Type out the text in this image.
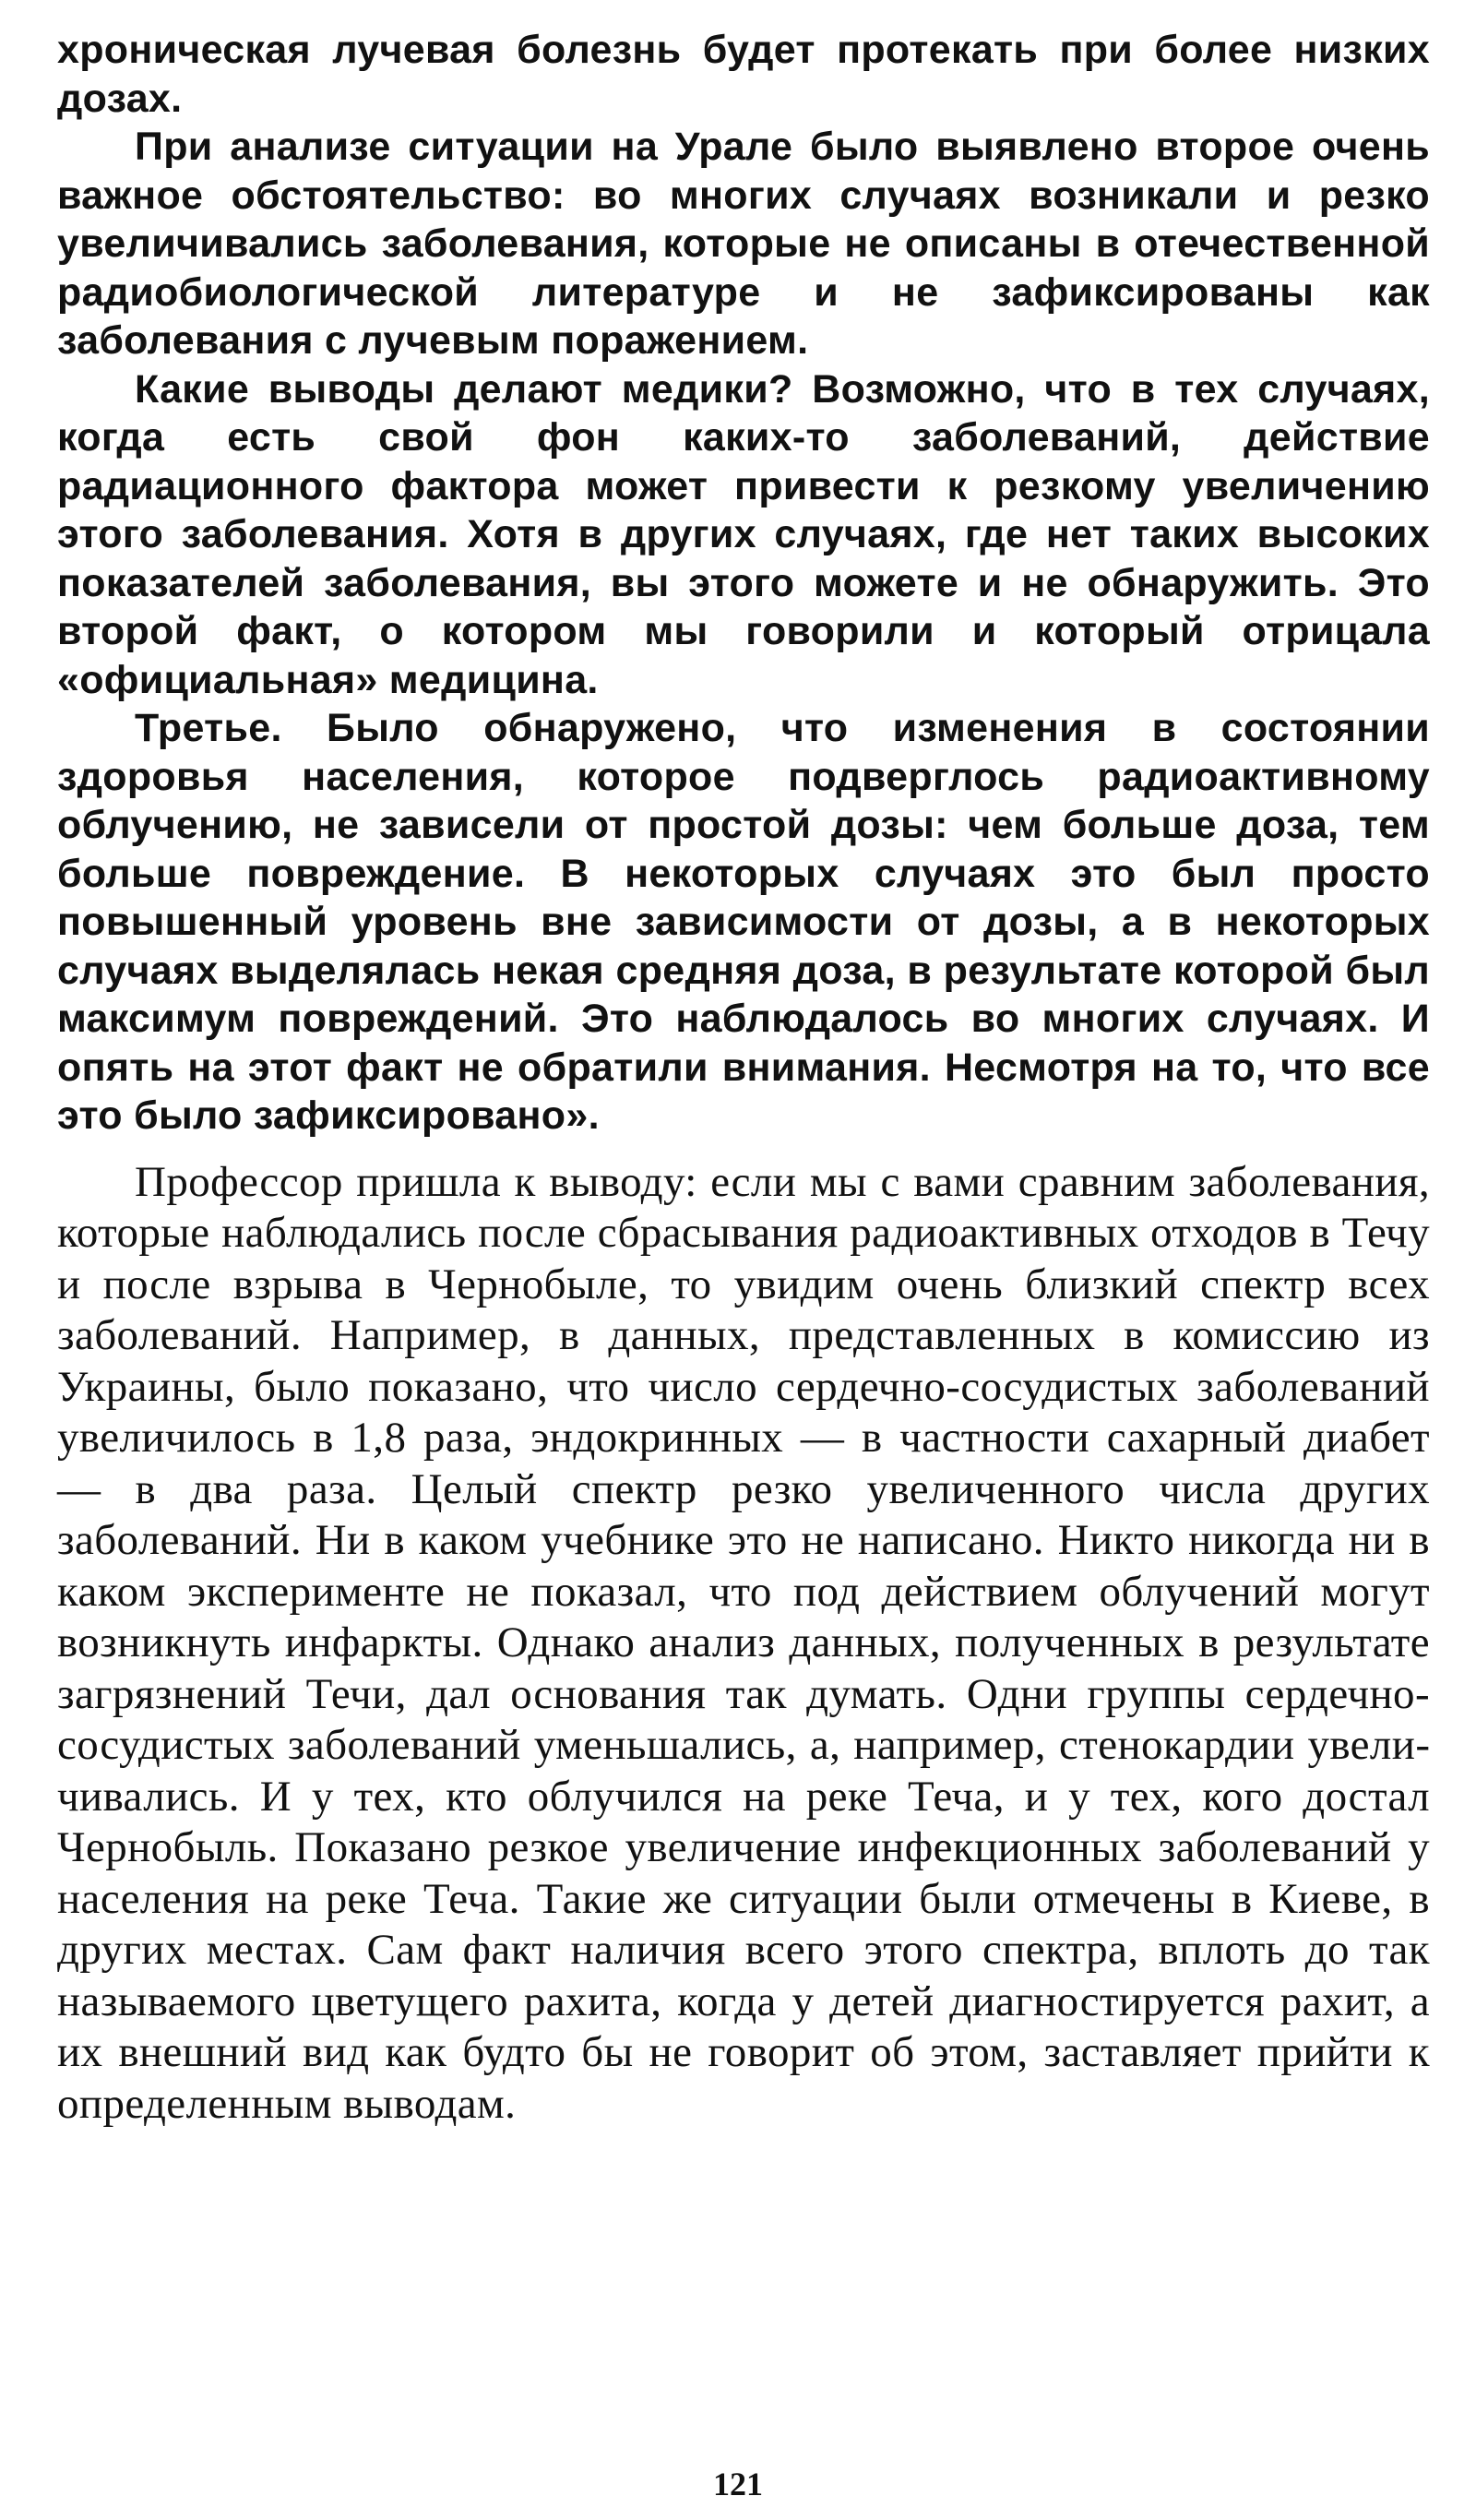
хроническая лучевая болезнь будет протекать при более низких дозах.

При анализе ситуации на Урале было выявлено второе очень важное обстоятельство: во многих случаях возникали и резко увеличивались заболевания, которые не описаны в отечественной радиобиологической литературе и не зафиксированы как заболевания с лучевым поражением.

Какие выводы делают медики? Возможно, что в тех случаях, когда есть свой фон каких-то заболеваний, действие радиационного фактора может привести к резкому увеличению этого заболевания. Хотя в других случаях, где нет таких высоких показателей заболевания, вы этого можете и не обнаружить. Это второй факт, о котором мы говорили и который отрицала «официальная» медицина.

Третье. Было обнаружено, что изменения в состоянии здоровья населения, которое подверглось радиоактивному облучению, не зависели от простой дозы: чем больше доза, тем больше повреждение. В некоторых случаях это был просто повышенный уровень вне зависимости от дозы, а в некоторых случаях выделялась некая средняя доза, в результате которой был максимум повреждений. Это наблюдалось во многих случаях. И опять на этот факт не обратили внимания. Несмотря на то, что все это было зафиксировано».

Профессор пришла к выводу: если мы с вами сравним заболевания, которые наблюдались после сбрасывания радиоактивных отходов в Течу и после взрыва в Чернобыле, то увидим очень близкий спектр всех заболеваний. Например, в данных, представленных в комиссию из Украины, было показано, что число сердечно-сосудистых заболеваний увеличилось в 1,8 раза, эндокринных — в частности сахарный диабет — в два раза. Целый спектр резко увеличенного числа других заболеваний. Ни в каком учебнике это не написано. Никто никогда ни в каком эксперименте не показал, что под действием облучений могут возникнуть инфаркты. Однако анализ данных, полученных в результате загрязнений Течи, дал основания так думать. Одни группы сердечно-сосудистых заболеваний уменьшались, а, например, стенокардии увеличивались. И у тех, кто облучился на реке Теча, и у тех, кого достал Чернобыль. Показано резкое увеличение инфекционных заболеваний у населения на реке Теча. Такие же ситуации были отмечены в Киеве, в других местах. Сам факт наличия всего этого спектра, вплоть до так называемого цветущего рахита, когда у детей диагностируется рахит, а их внешний вид как будто бы не говорит об этом, заставляет прийти к определенным выводам.

121
